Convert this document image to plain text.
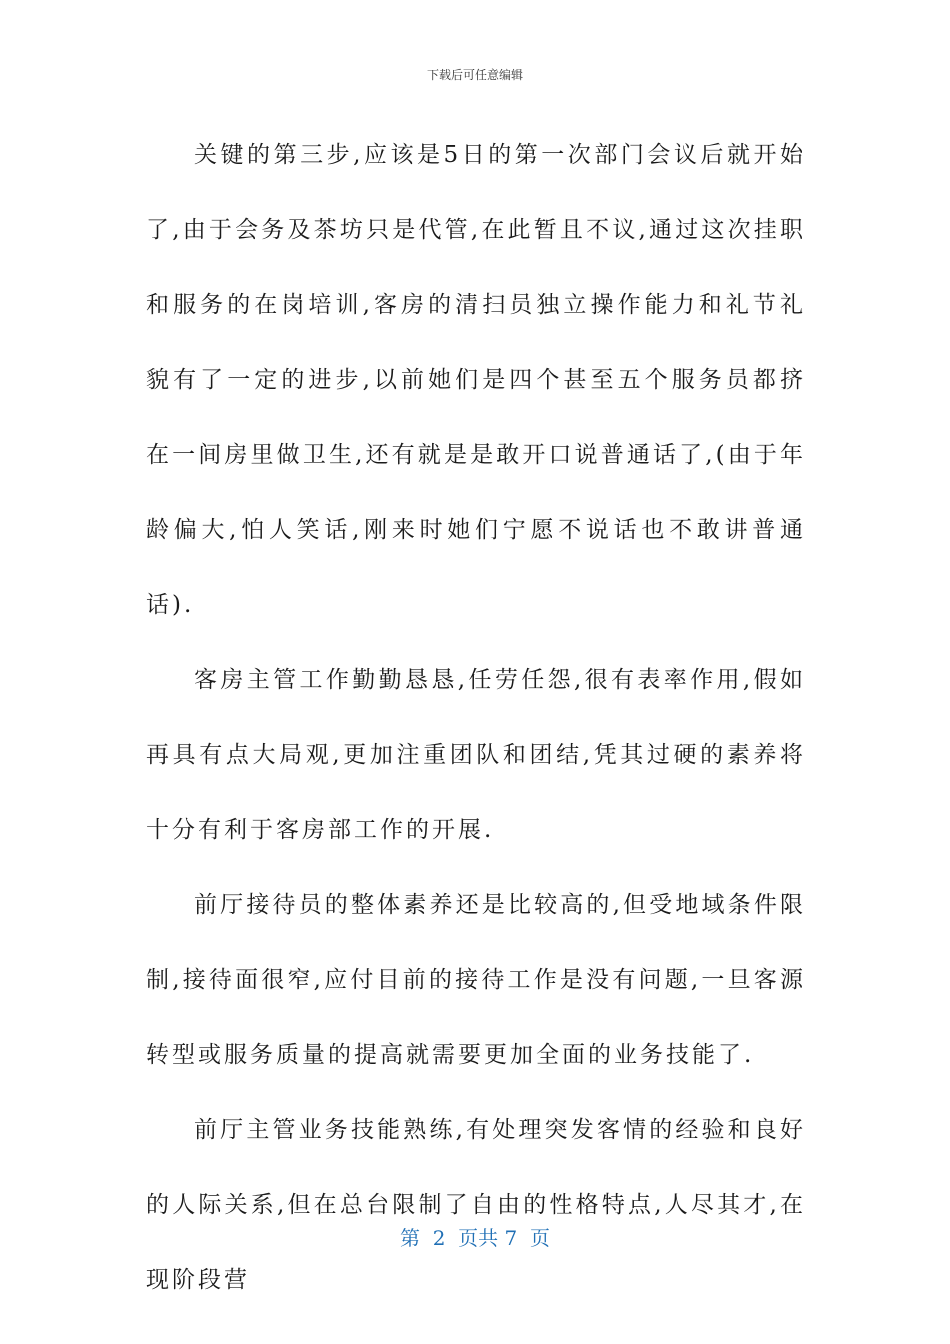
下载后可任意编辑

关键的第三步,应该是5日的第一次部门会议后就开始了,由于会务及茶坊只是代管,在此暂且不议,通过这次挂职和服务的在岗培训,客房的清扫员独立操作能力和礼节礼貌有了一定的进步,以前她们是四个甚至五个服务员都挤在一间房里做卫生,还有就是是敢开口说普通话了,(由于年龄偏大,怕人笑话,刚来时她们宁愿不说话也不敢讲普通话).

客房主管工作勤勤恳恳,任劳任怨,很有表率作用,假如再具有点大局观,更加注重团队和团结,凭其过硬的素养将十分有利于客房部工作的开展.

前厅接待员的整体素养还是比较高的,但受地域条件限制,接待面很窄,应付目前的接待工作是没有问题,一旦客源转型或服务质量的提高就需要更加全面的业务技能了.

前厅主管业务技能熟练,有处理突发客情的经验和良好的人际关系,但在总台限制了自由的性格特点,人尽其才,在现阶段营

第  2  页共 7  页
